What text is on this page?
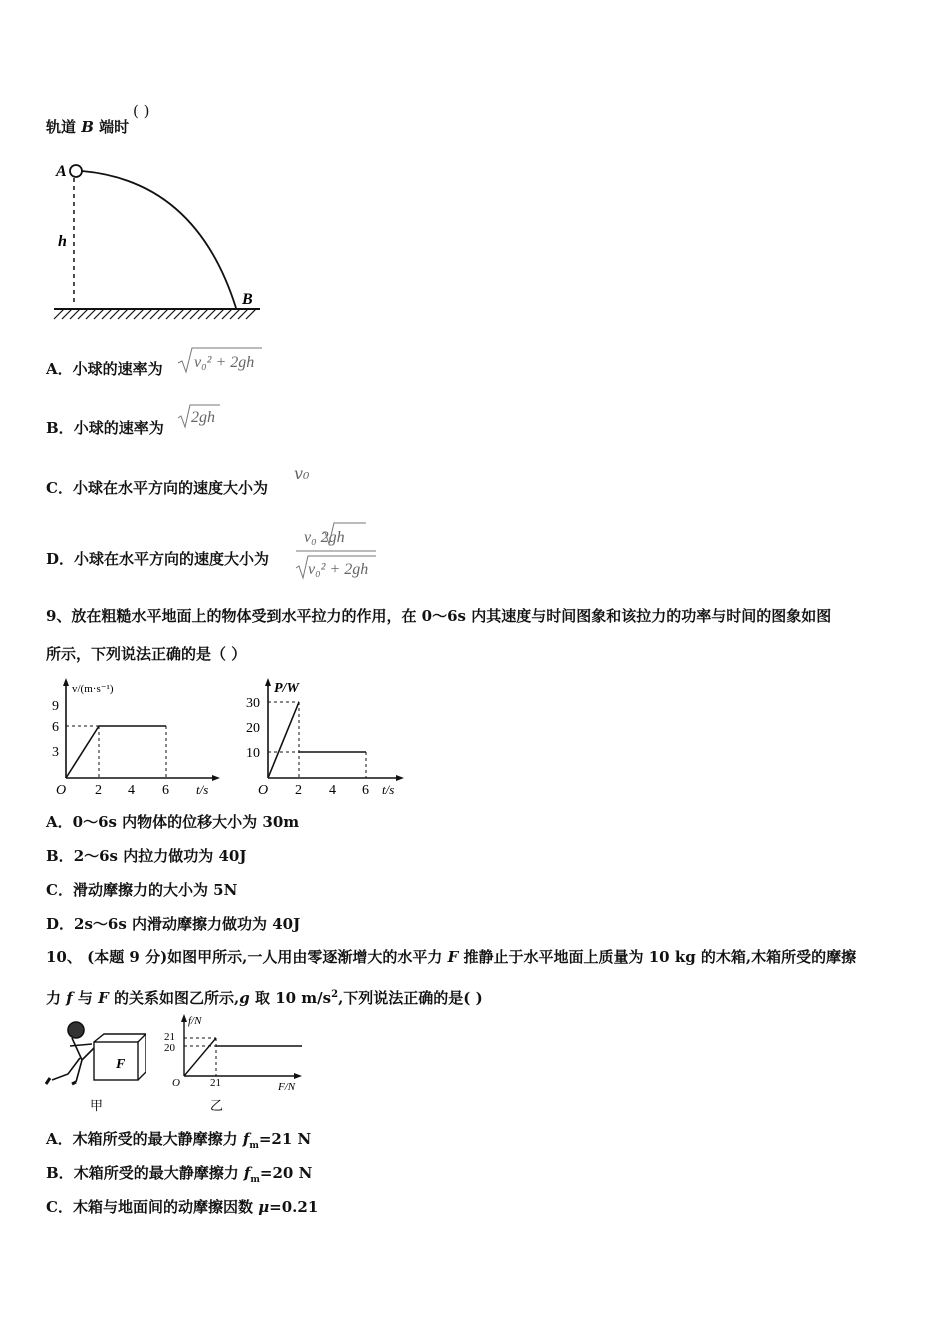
轨道 B 端时
( )
A
h
B
A．小球的速率为 v₀² + 2gh
B．小球的速率为
2gh
C．小球在水平方向的速度大小为
v₀
D．小球在水平方向的速度大小为
v₀ 2gh
v₀² + 2gh
9、放在粗糙水平地面上的物体受到水平拉力的作用，在 0～6s 内其速度与时间图象和该拉力的功率与时间的图象如图
所示，下列说法正确的是（ ）
9
6
3
O 2 4 6
v/(m·s⁻¹)
t/s
30
20
10
O 2 4 6
P/W
t/s
A．0～6s 内物体的位移大小为 30m
B．2～6s 内拉力做功为 40J
C．滑动摩擦力的大小为 5N
D．2s～6s 内滑动摩擦力做功为 40J
10、 (本题 9 分)如图甲所示,一人用由零逐渐增大的水平力 F 推静止于水平地面上质量为 10 kg 的木箱,木箱所受的摩擦
力 f 与 F 的关系如图乙所示,g 取 10 $m/s^2$,下列说法正确的是( )
F
甲
21
20
O	21
f/N
F/N
乙
A．木箱所受的最大静摩擦力 $f_m=21$ N
B．木箱所受的最大静摩擦力 $f_m=20$ N
C．木箱与地面间的动摩擦因数 μ=0.21
